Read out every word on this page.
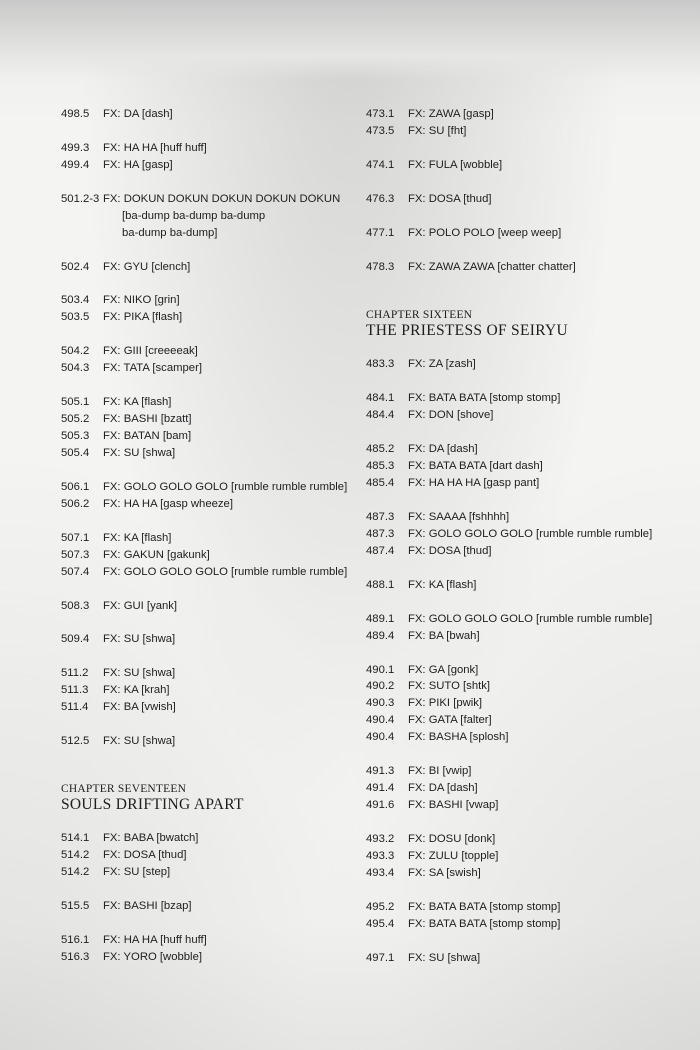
498.5	FX: DA [dash]
499.3	FX: HA HA [huff huff]
499.4	FX: HA [gasp]
501.2-3 FX: DOKUN DOKUN DOKUN DOKUN DOKUN
[ba-dump ba-dump ba-dump
ba-dump ba-dump]
502.4	FX: GYU [clench]
503.4	FX: NIKO [grin]
503.5	FX: PIKA [flash]
504.2	FX: GIII [creeeeak]
504.3	FX: TATA [scamper]
505.1	FX: KA [flash]
505.2	FX: BASHI [bzatt]
505.3	FX: BATAN [bam]
505.4	FX: SU [shwa]
506.1	FX: GOLO GOLO GOLO [rumble rumble rumble]
506.2	FX: HA HA [gasp wheeze]
507.1	FX: KA [flash]
507.3	FX: GAKUN [gakunk]
507.4	FX: GOLO GOLO GOLO [rumble rumble rumble]
508.3	FX: GUI [yank]
509.4	FX: SU [shwa]
511.2	FX: SU [shwa]
511.3	FX: KA [krah]
511.4	FX: BA [vwish]
512.5	FX: SU [shwa]
CHAPTER SEVENTEEN
SOULS DRIFTING APART
514.1	FX: BABA [bwatch]
514.2	FX: DOSA [thud]
514.2	FX: SU [step]
515.5	FX: BASHI [bzap]
516.1	FX: HA HA [huff huff]
516.3	FX: YORO [wobble]
473.1	FX: ZAWA [gasp]
473.5	FX: SU [fht]
474.1	FX: FULA [wobble]
476.3	FX: DOSA [thud]
477.1	FX: POLO POLO [weep weep]
478.3	FX: ZAWA ZAWA [chatter chatter]
CHAPTER SIXTEEN
THE PRIESTESS OF SEIRYU
483.3	FX: ZA [zash]
484.1	FX: BATA BATA [stomp stomp]
484.4	FX: DON [shove]
485.2	FX: DA [dash]
485.3	FX: BATA BATA [dart dash]
485.4	FX: HA HA HA [gasp pant]
487.3	FX: SAAAA [fshhhh]
487.3	FX: GOLO GOLO GOLO [rumble rumble rumble]
487.4	FX: DOSA [thud]
488.1	FX: KA [flash]
489.1	FX: GOLO GOLO GOLO [rumble rumble rumble]
489.4	FX: BA [bwah]
490.1	FX: GA [gonk]
490.2	FX: SUTO [shtk]
490.3	FX: PIKI [pwik]
490.4	FX: GATA [falter]
490.4	FX: BASHA [splosh]
491.3	FX: BI [vwip]
491.4	FX: DA [dash]
491.6	FX: BASHI [vwap]
493.2	FX: DOSU [donk]
493.3	FX: ZULU [topple]
493.4	FX: SA [swish]
495.2	FX: BATA BATA [stomp stomp]
495.4	FX: BATA BATA [stomp stomp]
497.1	FX: SU [shwa]
